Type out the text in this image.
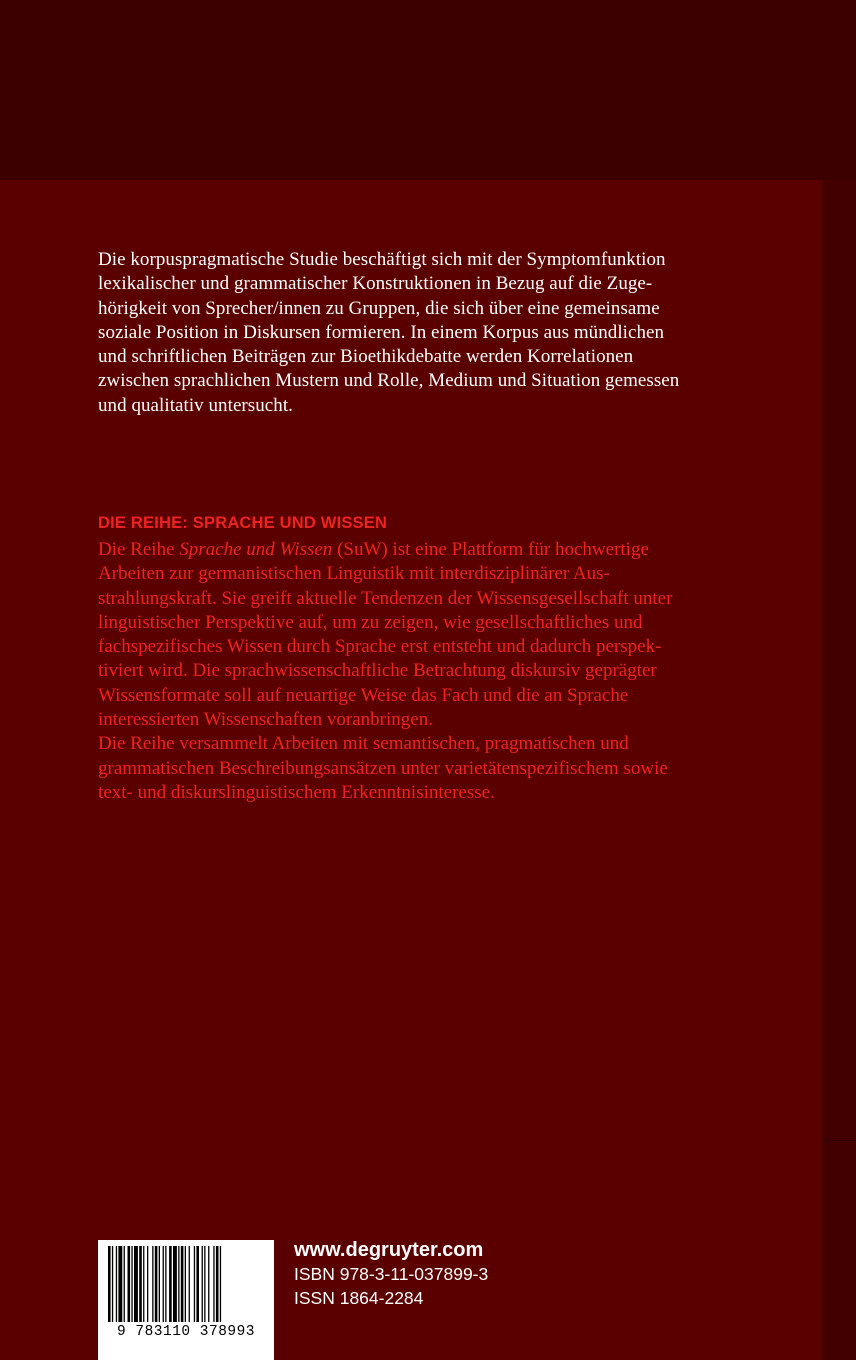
Die korpuspragmatische Studie beschäftigt sich mit der Symptomfunktion
lexikalischer und grammatischer Konstruktionen in Bezug auf die Zuge-
hörigkeit von Sprecher/innen zu Gruppen, die sich über eine gemeinsame
soziale Position in Diskursen formieren. In einem Korpus aus mündlichen
und schriftlichen Beiträgen zur Bioethikdebatte werden Korrelationen
zwischen sprachlichen Mustern und Rolle, Medium und Situation gemessen
und qualitativ untersucht.
DIE REIHE: SPRACHE UND WISSEN
Die Reihe Sprache und Wissen (SuW) ist eine Plattform für hochwertige
Arbeiten zur germanistischen Linguistik mit interdisziplinärer Aus-
strahlungskraft. Sie greift aktuelle Tendenzen der Wissensgesellschaft unter
linguistischer Perspektive auf, um zu zeigen, wie gesellschaftliches und
fachspezifisches Wissen durch Sprache erst entsteht und dadurch perspek-
tiviert wird. Die sprachwissenschaftliche Betrachtung diskursiv geprägter
Wissensformate soll auf neuartige Weise das Fach und die an Sprache
interessierten Wissenschaften voranbringen.
Die Reihe versammelt Arbeiten mit semantischen, pragmatischen und
grammatischen Beschreibungsansätzen unter varietätenspezifischem sowie
text- und diskurslinguistischem Erkenntnisinteresse.
9 783110 378993
www.degruyter.com
ISBN 978-3-11-037899-3
ISSN 1864-2284
